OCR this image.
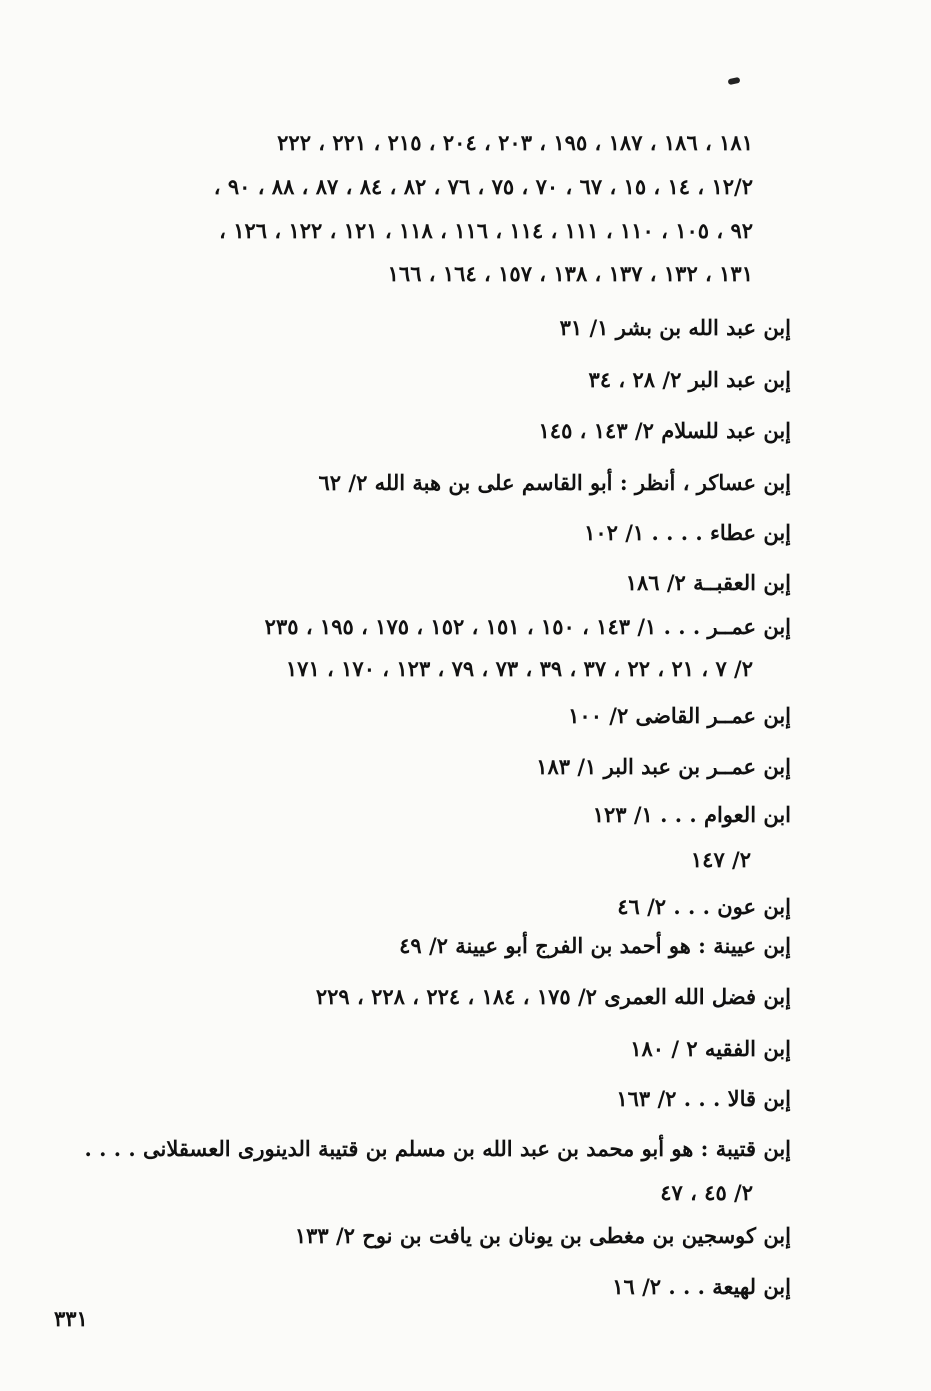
١٨١ ، ١٨٦ ، ١٨٧ ، ١٩٥ ، ٢٠٣ ، ٢٠٤ ، ٢١٥ ، ٢٢١ ، ٢٢٢
١٢/٢ ، ١٤ ، ١٥ ، ٦٧ ، ٧٠ ، ٧٥ ، ٧٦ ، ٨٢ ، ٨٤ ، ٨٧ ، ٨٨ ، ٩٠ ،
٩٢ ، ١٠٥ ، ١١٠ ، ١١١ ، ١١٤ ، ١١٦ ، ١١٨ ، ١٢١ ، ١٢٢ ، ١٢٦ ،
١٣١ ، ١٣٢ ، ١٣٧ ، ١٣٨ ، ١٥٧ ، ١٦٤ ، ١٦٦
إبن عبد الله بن بشر ١/ ٣١
إبن عبد البر ٢/ ٢٨ ، ٣٤
إبن عبد للسلام ٢/ ١٤٣ ، ١٤٥
إبن عساكر ، أنظر : أبو القاسم على بن هبة الله ٢/ ٦٢
إبن عطاء . . . . ١/ ١٠٢
إبن العقبــة ٢/ ١٨٦
إبن عمــر . . . ١/ ١٤٣ ، ١٥٠ ، ١٥١ ، ١٥٢ ، ١٧٥ ، ١٩٥ ، ٢٣٥
٢/ ٧ ، ٢١ ، ٢٢ ، ٣٧ ، ٣٩ ، ٧٣ ، ٧٩ ، ١٢٣ ، ١٧٠ ، ١٧١
إبن عمــر القاضى ٢/ ١٠٠
إبن عمــر بن عبد البر ١/ ١٨٣
ابن العوام . . . ١/ ١٢٣
٢/ ١٤٧
إبن عون . . . ٢/ ٤٦
إبن عيينة : هو أحمد بن الفرج أبو عيينة ٢/ ٤٩
إبن فضل الله العمرى ٢/ ١٧٥ ، ١٨٤ ، ٢٢٤ ، ٢٢٨ ، ٢٢٩
إبن الفقيه ٢ / ١٨٠
إبن قالا . . . ٢/ ١٦٣
إبن قتيبة : هو أبو محمد بن عبد الله بن مسلم بن قتيبة الدينورى العسقلانى . . . .
٢/ ٤٥ ، ٤٧
إبن كوسجين بن مغطى بن يونان بن يافت بن نوح ٢/ ١٣٣
إبن لهيعة . . . ٢/ ١٦
٣٣١
